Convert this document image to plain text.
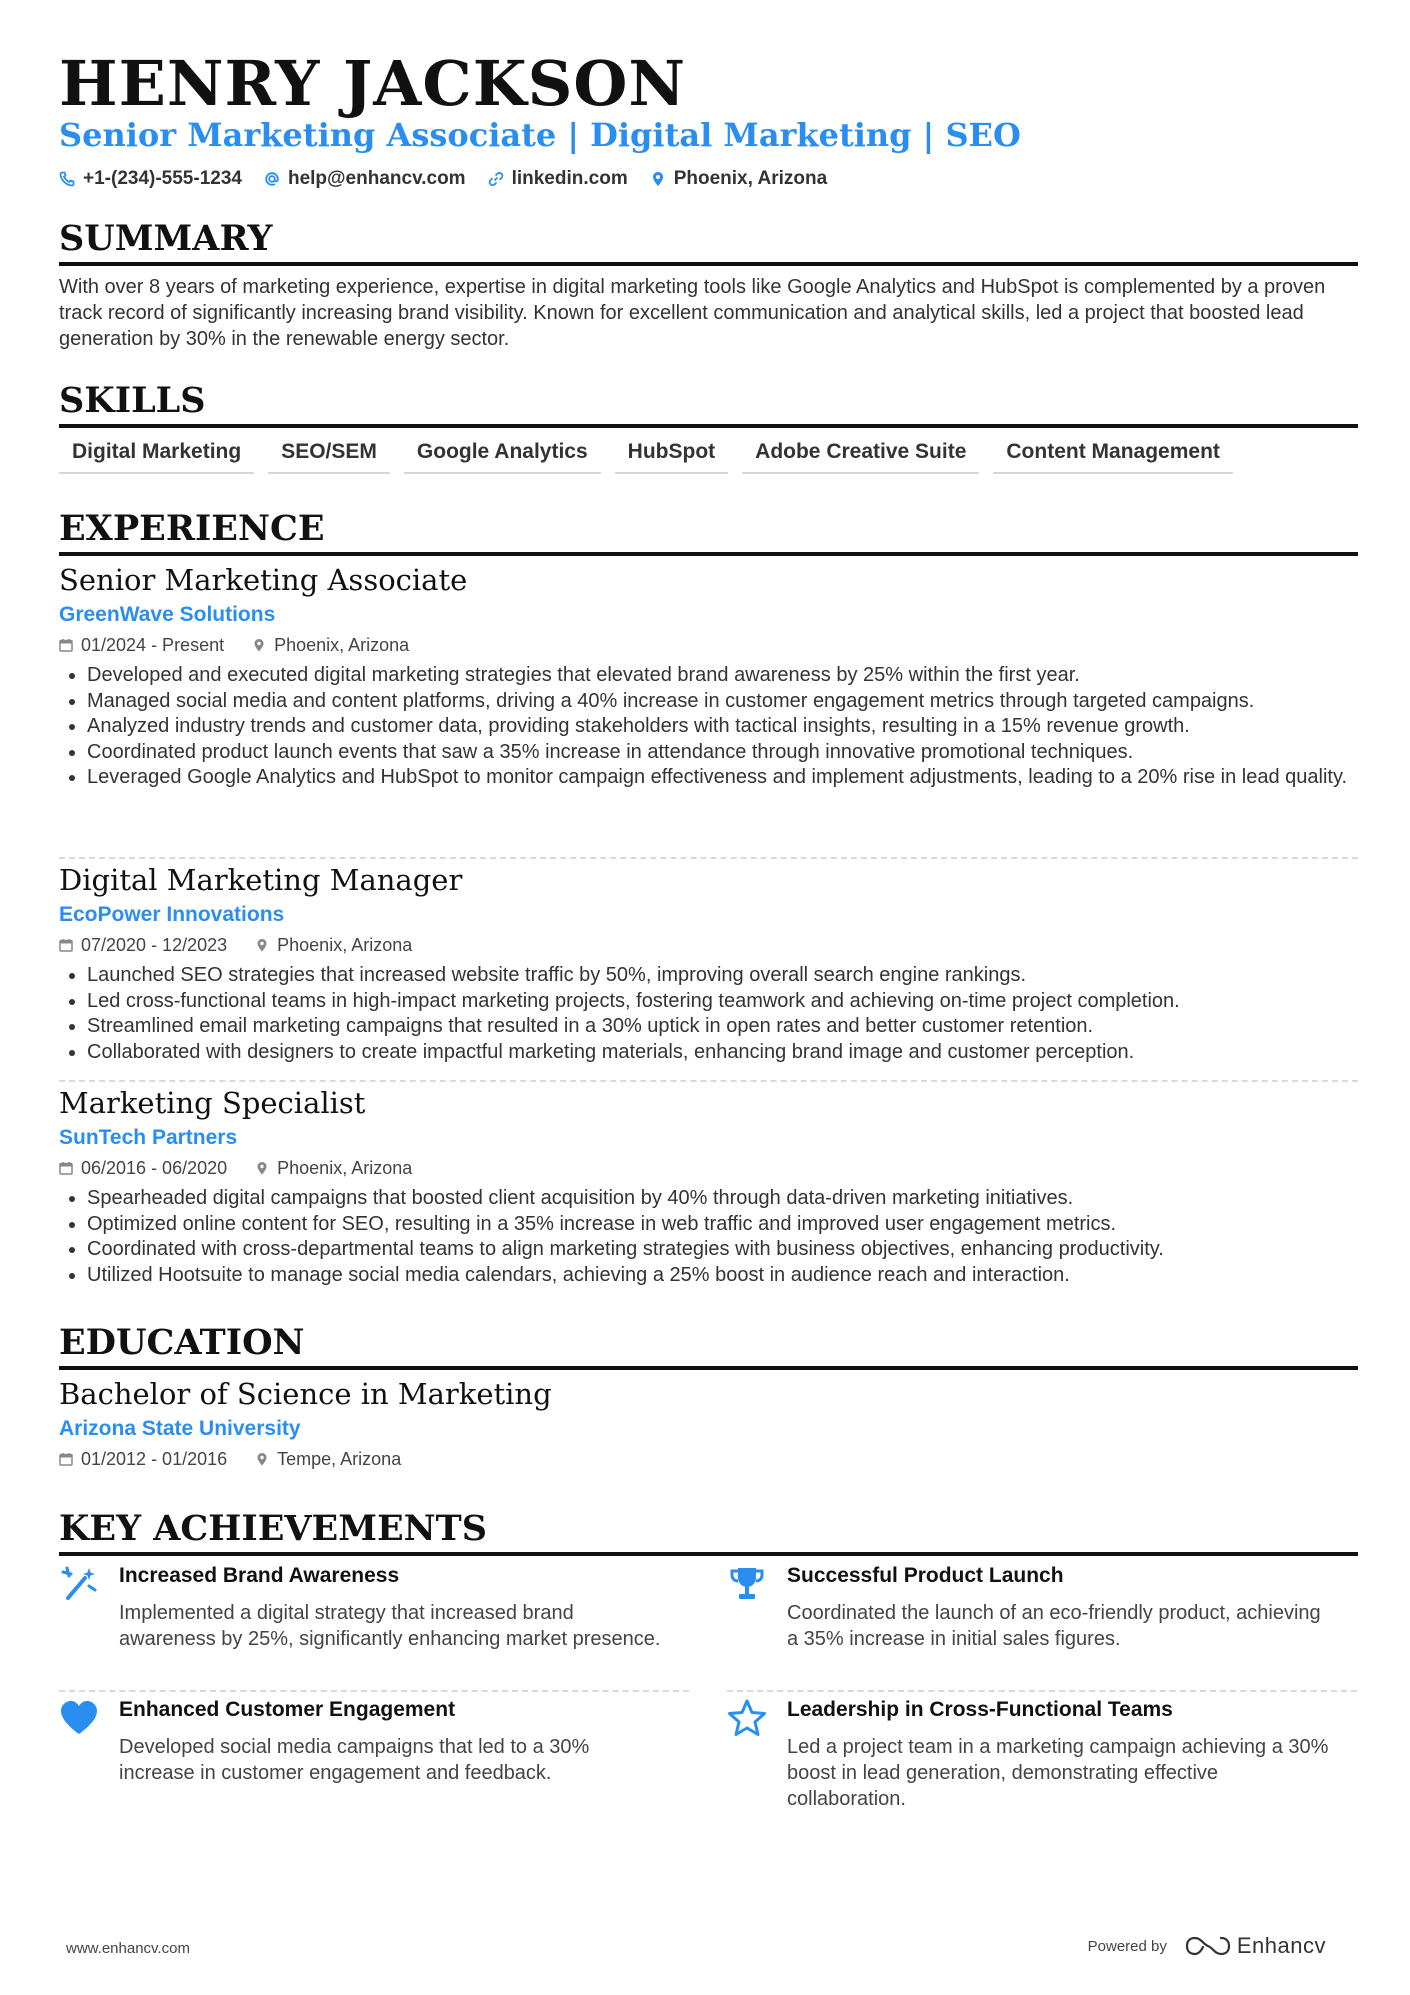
HENRY JACKSON
Senior Marketing Associate | Digital Marketing | SEO
+1-(234)-555-1234 help@enhancv.com linkedin.com Phoenix, Arizona
SUMMARY
With over 8 years of marketing experience, expertise in digital marketing tools like Google Analytics and HubSpot is complemented by a proven track record of significantly increasing brand visibility. Known for excellent communication and analytical skills, led a project that boosted lead generation by 30% in the renewable energy sector.
SKILLS
Digital Marketing	SEO/SEM	Google Analytics	HubSpot	Adobe Creative Suite	Content Management
EXPERIENCE
Senior Marketing Associate
GreenWave Solutions
01/2024 - Present	Phoenix, Arizona
• Developed and executed digital marketing strategies that elevated brand awareness by 25% within the first year.
• Managed social media and content platforms, driving a 40% increase in customer engagement metrics through targeted campaigns.
• Analyzed industry trends and customer data, providing stakeholders with tactical insights, resulting in a 15% revenue growth.
• Coordinated product launch events that saw a 35% increase in attendance through innovative promotional techniques.
• Leveraged Google Analytics and HubSpot to monitor campaign effectiveness and implement adjustments, leading to a 20% rise in lead quality.
Digital Marketing Manager
EcoPower Innovations
07/2020 - 12/2023	Phoenix, Arizona
• Launched SEO strategies that increased website traffic by 50%, improving overall search engine rankings.
• Led cross-functional teams in high-impact marketing projects, fostering teamwork and achieving on-time project completion.
• Streamlined email marketing campaigns that resulted in a 30% uptick in open rates and better customer retention.
• Collaborated with designers to create impactful marketing materials, enhancing brand image and customer perception.
Marketing Specialist
SunTech Partners
06/2016 - 06/2020	Phoenix, Arizona
• Spearheaded digital campaigns that boosted client acquisition by 40% through data-driven marketing initiatives.
• Optimized online content for SEO, resulting in a 35% increase in web traffic and improved user engagement metrics.
• Coordinated with cross-departmental teams to align marketing strategies with business objectives, enhancing productivity.
• Utilized Hootsuite to manage social media calendars, achieving a 25% boost in audience reach and interaction.
EDUCATION
Bachelor of Science in Marketing
Arizona State University
01/2012 - 01/2016	Tempe, Arizona
KEY ACHIEVEMENTS
Increased Brand Awareness
Implemented a digital strategy that increased brand awareness by 25%, significantly enhancing market presence.
Successful Product Launch
Coordinated the launch of an eco-friendly product, achieving a 35% increase in initial sales figures.
Enhanced Customer Engagement
Developed social media campaigns that led to a 30% increase in customer engagement and feedback.
Leadership in Cross-Functional Teams
Led a project team in a marketing campaign achieving a 30% boost in lead generation, demonstrating effective collaboration.
www.enhancv.com	Powered by	Enhancv
